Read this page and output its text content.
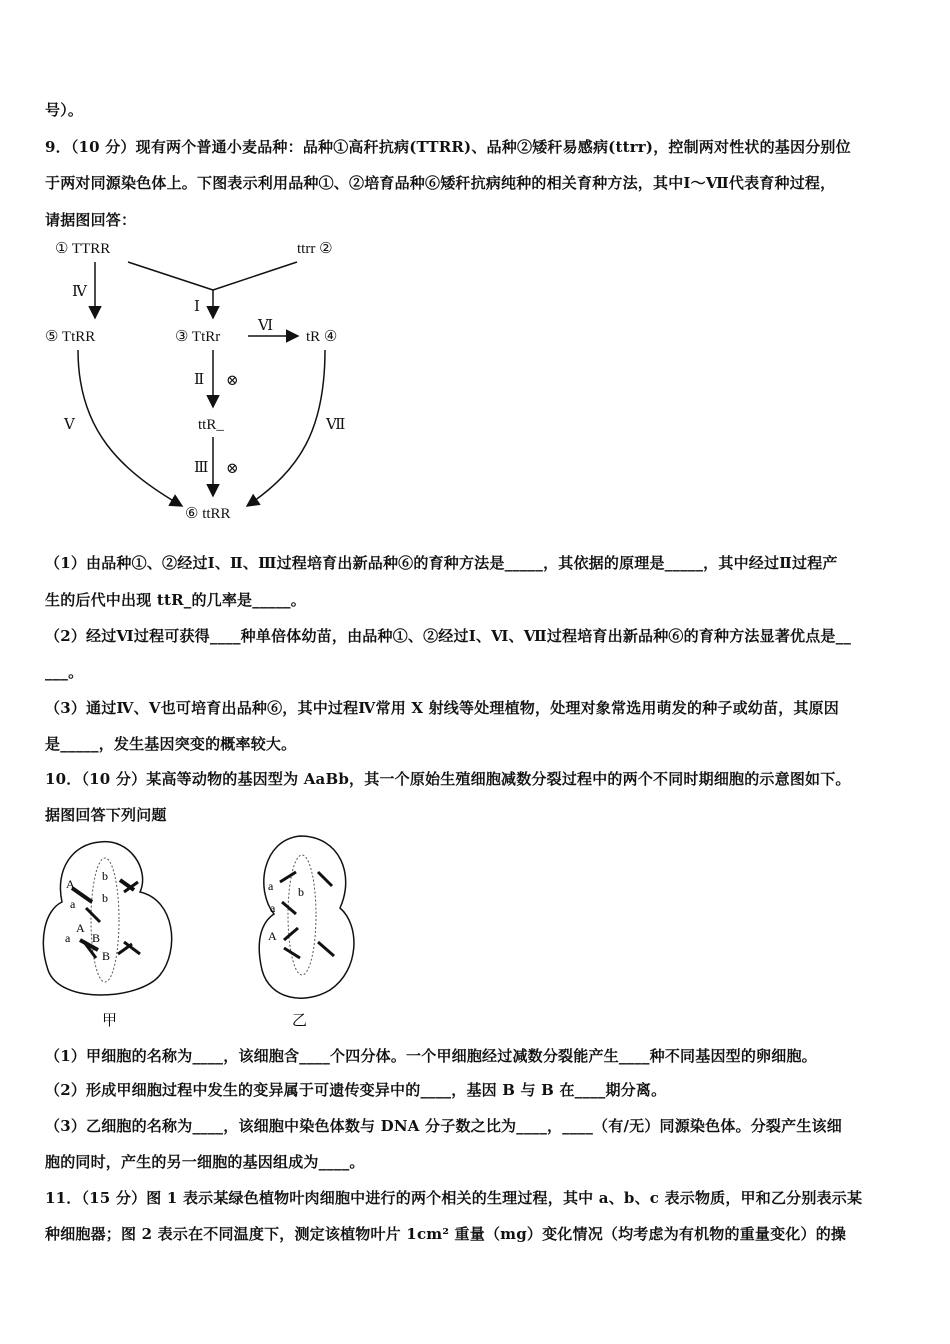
号）。
9．（10 分）现有两个普通小麦品种：品种①高秆抗病(TTRR)、品种②矮秆易感病(ttrr)，控制两对性状的基因分别位
于两对同源染色体上。下图表示利用品种①、②培育品种⑥矮秆抗病纯种的相关育种方法，其中Ⅰ～Ⅶ代表育种过程，
请据图回答：
① TTRR	ttrr ②
⑤ TtRR	③ TtRr	tR ④
ttR_
⑥ ttRR
Ⅰ
Ⅳ
Ⅵ
Ⅱ ⊗
Ⅲ ⊗
Ⅴ	Ⅶ
（1）由品种①、②经过Ⅰ、Ⅱ、Ⅲ过程培育出新品种⑥的育种方法是_____，其依据的原理是_____，其中经过Ⅱ过程产
生的后代中出现 ttR_的几率是_____。
（2）经过Ⅵ过程可获得____种单倍体幼苗，由品种①、②经过Ⅰ、Ⅵ、Ⅶ过程培育出新品种⑥的育种方法显著优点是__
___。
（3）通过Ⅳ、Ⅴ也可培育出品种⑥，其中过程Ⅳ常用 X 射线等处理植物，处理对象常选用萌发的种子或幼苗，其原因
是_____，发生基因突变的概率较大。
10．（10 分）某高等动物的基因型为 AaBb，其一个原始生殖细胞减数分裂过程中的两个不同时期细胞的示意图如下。
据图回答下列问题
A
a
b
b
A
a B
B
甲
a
a
b
A
乙
（1）甲细胞的名称为____，该细胞含____个四分体。一个甲细胞经过减数分裂能产生____种不同基因型的卵细胞。
（2）形成甲细胞过程中发生的变异属于可遗传变异中的____，基因 B 与 B 在____期分离。
（3）乙细胞的名称为____，该细胞中染色体数与 DNA 分子数之比为____，____（有/无）同源染色体。分裂产生该细
胞的同时，产生的另一细胞的基因组成为____。
11．（15 分）图 1 表示某绿色植物叶肉细胞中进行的两个相关的生理过程，其中 a、b、c 表示物质，甲和乙分别表示某
种细胞器；图 2 表示在不同温度下，测定该植物叶片 1cm² 重量（mg）变化情况（均考虑为有机物的重量变化）的操
